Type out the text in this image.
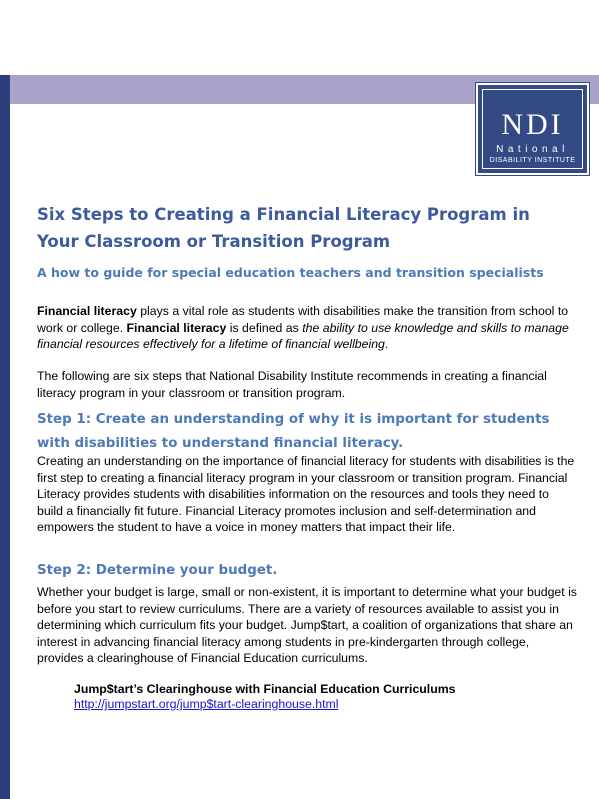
NDI
National
DISABILITY INSTITUTE
Six Steps to Creating a Financial Literacy Program in Your Classroom or Transition Program
A how to guide for special education teachers and transition specialists

Financial literacy plays a vital role as students with disabilities make the transition from school to work or college. Financial literacy is defined as the ability to use knowledge and skills to manage financial resources effectively for a lifetime of financial wellbeing.

The following are six steps that National Disability Institute recommends in creating a financial literacy program in your classroom or transition program.

Step 1: Create an understanding of why it is important for students with disabilities to understand financial literacy.

Creating an understanding on the importance of financial literacy for students with disabilities is the first step to creating a financial literacy program in your classroom or transition program. Financial Literacy provides students with disabilities information on the resources and tools they need to build a financially fit future. Financial Literacy promotes inclusion and self-determination and empowers the student to have a voice in money matters that impact their life.

Step 2: Determine your budget.

Whether your budget is large, small or non-existent, it is important to determine what your budget is before you start to review curriculums. There are a variety of resources available to assist you in determining which curriculum fits your budget. Jump$tart, a coalition of organizations that share an interest in advancing financial literacy among students in pre-kindergarten through college, provides a clearinghouse of Financial Education curriculums.

Jump$tart’s Clearinghouse with Financial Education Curriculums

http://jumpstart.org/jump$tart-clearinghouse.html
